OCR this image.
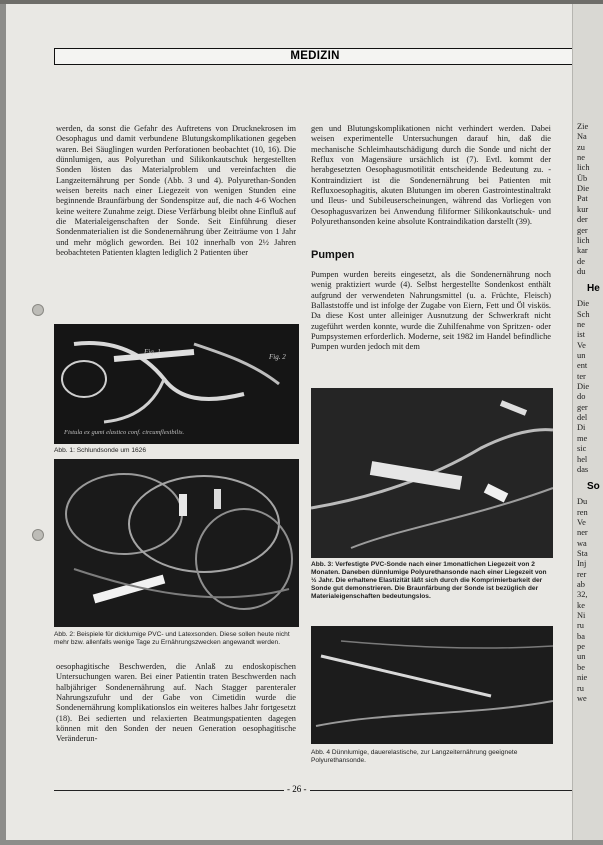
MEDIZIN

werden, da sonst die Gefahr des Auftretens von Drucknekrosen im Oesophagus und damit verbundene Blutungskomplikationen gegeben waren. Bei Säuglingen wurden Perforationen beobachtet (10, 16). Die dünnlumigen, aus Polyurethan und Silikonkautschuk hergestellten Sonden lösten das Materialproblem und vereinfachten die Langzeiternährung per Sonde (Abb. 3 und 4). Polyurethan-Sonden weisen bereits nach einer Liegezeit von wenigen Stunden eine beginnende Braunfärbung der Sondenspitze auf, die nach 4-6 Wochen keine weitere Zunahme zeigt. Diese Verfärbung bleibt ohne Einfluß auf die Materialeigenschaften der Sonde. Seit Einführung dieser Sondenmaterialien ist die Sondenernährung über Zeiträume von 1 Jahr und mehr möglich geworden. Bei 102 innerhalb von 2½ Jahren beobachteten Patienten klagten lediglich 2 Patienten über

Fig. 1
Fig. 2
Fistula ex gumi elastico conf. circumflexibilis.
Abb. 1: Schlundsonde um 1626
Abb. 2: Beispiele für dicklumige PVC- und Latexsonden. Diese sollen heute nicht mehr bzw. allenfalls wenige Tage zu Ernährungszwecken angewandt werden.

oesophagitische Beschwerden, die Anlaß zu endoskopischen Untersuchungen waren. Bei einer Patientin traten Beschwerden nach halbjähriger Sondenernährung auf. Nach Stagger parenteraler Nahrungszufuhr und der Gabe von Cimetidin wurde die Sondenernährung komplikationslos ein weiteres halbes Jahr fortgesetzt (18). Bei sedierten und relaxierten Beatmungspatienten dagegen können mit den Sonden der neuen Generation oesophagitische Veränderun-

gen und Blutungskomplikationen nicht verhindert werden. Dabei weisen experimentelle Untersuchungen darauf hin, daß die mechanische Schleimhautschädigung durch die Sonde und nicht der Reflux von Magensäure ursächlich ist (7). Evtl. kommt der herabgesetzten Oesophagusmotilität entscheidende Bedeutung zu. - Kontraindiziert ist die Sondenernährung bei Patienten mit Refluxoesophagitis, akuten Blutungen im oberen Gastrointestinaltrakt und Ileus- und Subileuserscheinungen, während das Vorliegen von Oesophagusvarizen bei Anwendung filiformer Silikonkautschuk- und Polyurethansonden keine absolute Kontraindikation darstellt (39).

Pumpen

Pumpen wurden bereits eingesetzt, als die Sondenernährung noch wenig praktiziert wurde (4). Selbst hergestellte Sondenkost enthält aufgrund der verwendeten Nahrungsmittel (u. a. Früchte, Fleisch) Ballaststoffe und ist infolge der Zugabe von Eiern, Fett und Öl viskös. Da diese Kost unter alleiniger Ausnutzung der Schwerkraft nicht zugeführt werden konnte, wurde die Zuhilfenahme von Spritzen- oder Pumpsystemen erforderlich. Moderne, seit 1982 im Handel befindliche Pumpen wurden jedoch mit dem

Abb. 3: Verfestigte PVC-Sonde nach einer 1monatlichen Liegezeit von 2 Monaten. Daneben dünnlumige Polyurethansonde nach einer Liegezeit von ½ Jahr. Die erhaltene Elastizität läßt sich durch die Komprimierbarkeit der Sonde gut demonstrieren. Die Braunfärbung der Sonde ist bezüglich der Materialeigenschaften bedeutungslos.
Abb. 4 Dünnlumige, dauerelastische, zur Langzeiternährung geeignete Polyurethansonde.
- 26 -
Zie
Na
zu
ne
lich
Üb
Die
Pat
kur
der
ger
lich
kar
de
du
He
Die
Sch
ne
ist
Ve
un
ent
ter
Die
do
ger
del
Di
me
sic
hel
das
So
Du
ren
Ve
ner
wa
Sta
Inj
rer
ab
32,
ke
Ni
ru
ba
pe
un
be
nie
ru
we
